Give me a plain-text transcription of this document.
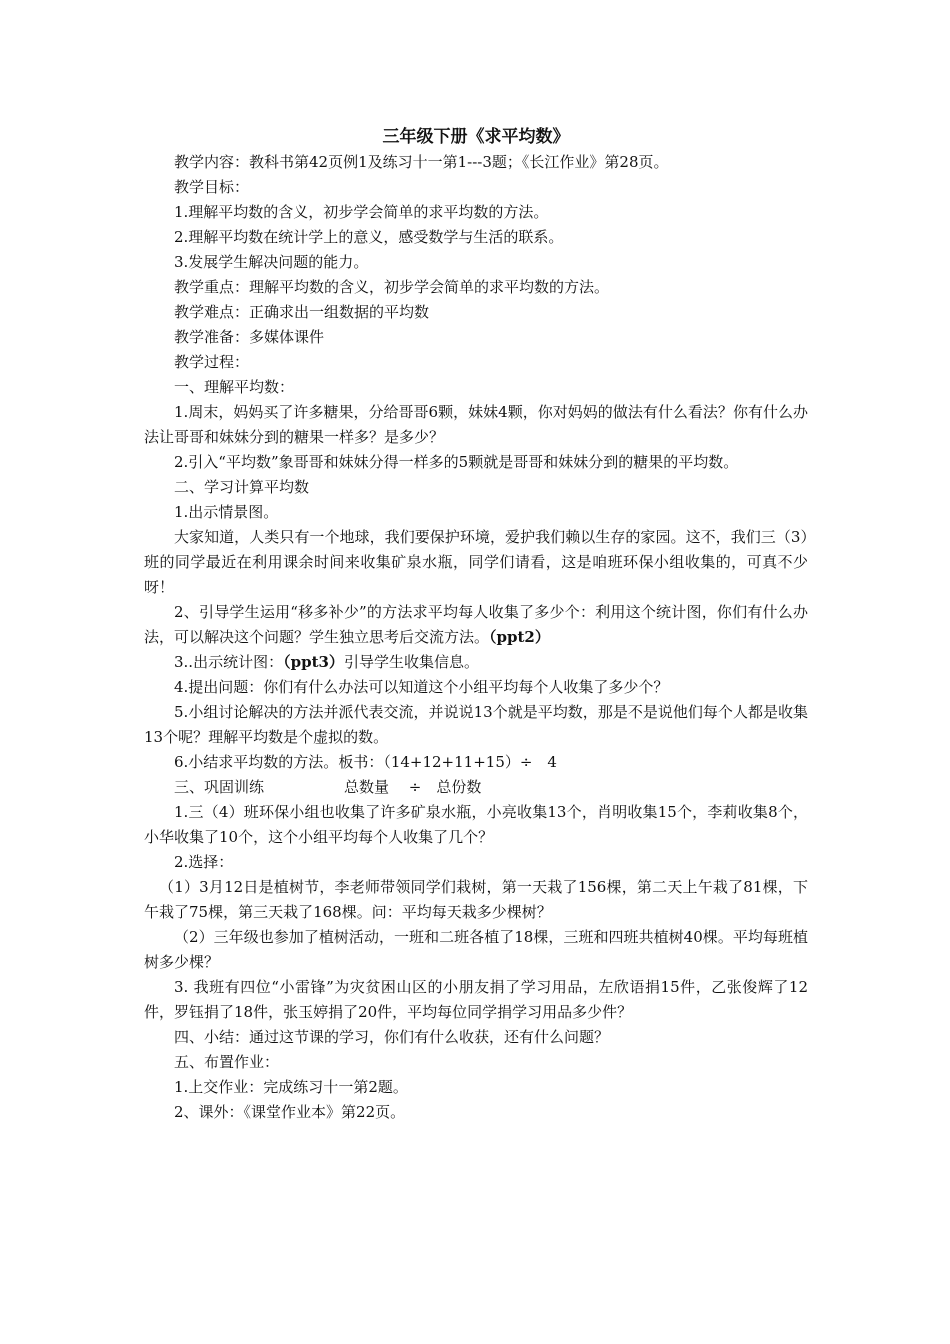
三年级下册《求平均数》

教学内容：教科书第42页例1及练习十一第1---3题；《长江作业》第28页。

教学目标：

1.理解平均数的含义，初步学会简单的求平均数的方法。

2.理解平均数在统计学上的意义，感受数学与生活的联系。

3.发展学生解决问题的能力。

教学重点：理解平均数的含义，初步学会简单的求平均数的方法。

教学难点：正确求出一组数据的平均数

教学准备：多媒体课件

教学过程：

一、理解平均数：

1.周末，妈妈买了许多糖果，分给哥哥6颗，妹妹4颗，你对妈妈的做法有什么看法？你有什么办法让哥哥和妹妹分到的糖果一样多？是多少？

2.引入“平均数”象哥哥和妹妹分得一样多的5颗就是哥哥和妹妹分到的糖果的平均数。

二、学习计算平均数

1.出示情景图。

大家知道，人类只有一个地球，我们要保护环境，爱护我们赖以生存的家园。这不，我们三（3）班的同学最近在利用课余时间来收集矿泉水瓶，同学们请看，这是咱班环保小组收集的，可真不少呀！

2、引导学生运用“移多补少”的方法求平均每人收集了多少个：利用这个统计图，你们有什么办法，可以解决这个问题？学生独立思考后交流方法。（ppt2）

3..出示统计图：（ppt3）引导学生收集信息。

4.提出问题：你们有什么办法可以知道这个小组平均每个人收集了多少个？

5.小组讨论解决的方法并派代表交流，并说说13个就是平均数，那是不是说他们每个人都是收集13个呢？理解平均数是个虚拟的数。

6.小结求平均数的方法。板书：（14+12+11+15）÷　4

三、巩固训练	总数量　 ÷　总份数

1.三（4）班环保小组也收集了许多矿泉水瓶，小亮收集13个，肖明收集15个，李莉收集8个，小华收集了10个，这个小组平均每个人收集了几个？

2.选择：

（1）3月12日是植树节，李老师带领同学们栽树，第一天栽了156棵，第二天上午栽了81棵，下午栽了75棵，第三天栽了168棵。问：平均每天栽多少棵树？

（2）三年级也参加了植树活动，一班和二班各植了18棵，三班和四班共植树40棵。平均每班植树多少棵？

3. 我班有四位“小雷锋”为灾贫困山区的小朋友捐了学习用品，左欣语捐15件，乙张俊辉了12件，罗钰捐了18件，张玉婷捐了20件，平均每位同学捐学习用品多少件？

四、小结：通过这节课的学习，你们有什么收获，还有什么问题？

五、布置作业：

1.上交作业：完成练习十一第2题。

2、课外：《课堂作业本》第22页。
